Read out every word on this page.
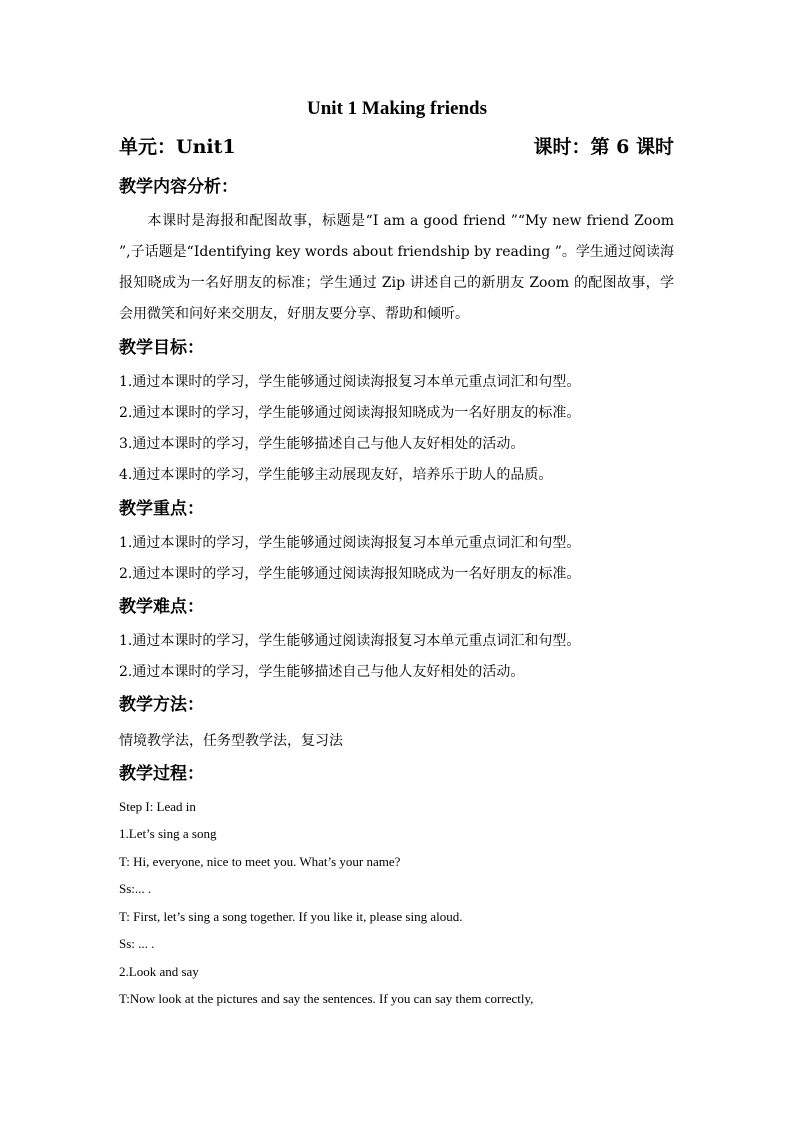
Unit 1 Making friends
单元：Unit1	课时：第 6 课时
教学内容分析：
本课时是海报和配图故事，标题是“I am a good friend ”“My new friend Zoom ”,子话题是“Identifying key words about friendship by reading ”。学生通过阅读海报知晓成为一名好朋友的标准；学生通过 Zip 讲述自己的新朋友 Zoom 的配图故事，学会用微笑和问好来交朋友，好朋友要分享、帮助和倾听。
教学目标：
1.通过本课时的学习，学生能够通过阅读海报复习本单元重点词汇和句型。
2.通过本课时的学习，学生能够通过阅读海报知晓成为一名好朋友的标准。
3.通过本课时的学习，学生能够描述自己与他人友好相处的活动。
4.通过本课时的学习，学生能够主动展现友好，培养乐于助人的品质。
教学重点：
1.通过本课时的学习，学生能够通过阅读海报复习本单元重点词汇和句型。
2.通过本课时的学习，学生能够通过阅读海报知晓成为一名好朋友的标准。
教学难点：
1.通过本课时的学习，学生能够通过阅读海报复习本单元重点词汇和句型。
2.通过本课时的学习，学生能够描述自己与他人友好相处的活动。
教学方法：
情境教学法，任务型教学法，复习法
教学过程：
Step I: Lead in
1.Let’s sing a song
T: Hi, everyone, nice to meet you. What’s your name?
Ss:... .
T: First, let’s sing a song together. If you like it, please sing aloud.
Ss: ... .
2.Look and say
T:Now look at the pictures and say the sentences. If you can say them correctly,
